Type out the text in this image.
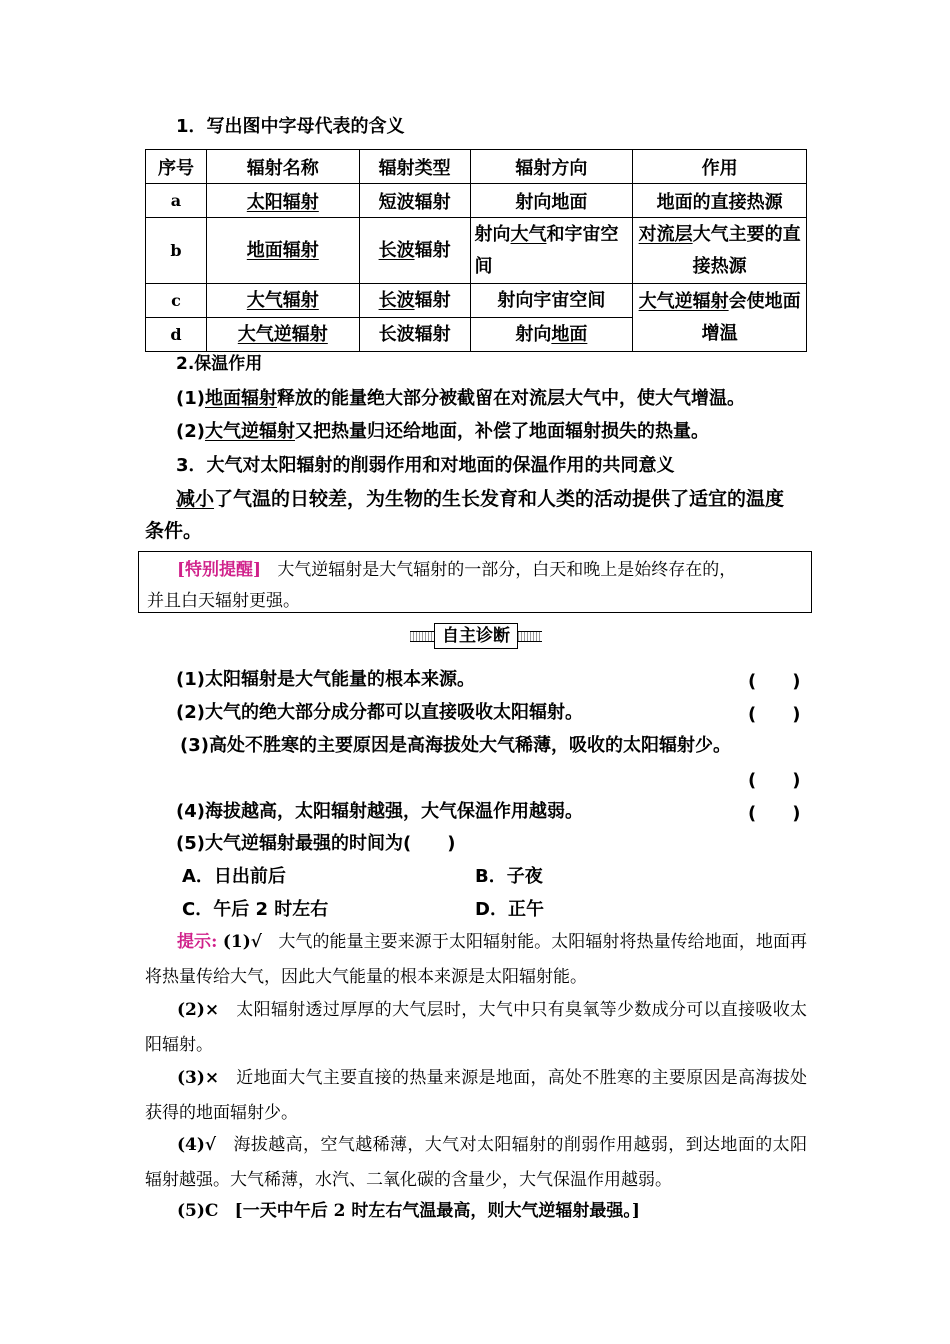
1．写出图中字母代表的含义
序号	辐射名称	辐射类型	辐射方向	作用
a	太阳辐射	短波辐射	射向地面	地面的直接热源
b	地面辐射	长波辐射	射向大气和宇宙空间	对流层大气主要的直接热源
c	大气辐射	长波辐射	射向宇宙空间	大气逆辐射会使地面增温
d	大气逆辐射	长波辐射	射向地面	
2.保温作用
(1)地面辐射释放的能量绝大部分被截留在对流层大气中，使大气增温。
(2)大气逆辐射又把热量归还给地面，补偿了地面辐射损失的热量。
3．大气对太阳辐射的削弱作用和对地面的保温作用的共同意义
减小了气温的日较差，为生物的生长发育和人类的活动提供了适宜的温度
条件。
[特别提醒] 大气逆辐射是大气辐射的一部分，白天和晚上是始终存在的，
并且白天辐射更强。
自主诊断
(1)太阳辐射是大气能量的根本来源。	(　　)
(2)大气的绝大部分成分都可以直接吸收太阳辐射。	(　　)
(3)高处不胜寒的主要原因是高海拔处大气稀薄，吸收的太阳辐射少。
(　　)
(4)海拔越高，太阳辐射越强，大气保温作用越弱。	(　　)
(5)大气逆辐射最强的时间为(　　)
A．日出前后	B．子夜
C．午后 2 时左右	D．正午
提示: (1)√ 大气的能量主要来源于太阳辐射能。太阳辐射将热量传给地面，地面再将热量传给大气，因此大气能量的根本来源是太阳辐射能。
(2)× 太阳辐射透过厚厚的大气层时，大气中只有臭氧等少数成分可以直接吸收太阳辐射。
(3)× 近地面大气主要直接的热量来源是地面，高处不胜寒的主要原因是高海拔处获得的地面辐射少。
(4)√ 海拔越高，空气越稀薄，大气对太阳辐射的削弱作用越弱，到达地面的太阳辐射越强。大气稀薄，水汽、二氧化碳的含量少，大气保温作用越弱。
(5)C [一天中午后 2 时左右气温最高，则大气逆辐射最强。]
